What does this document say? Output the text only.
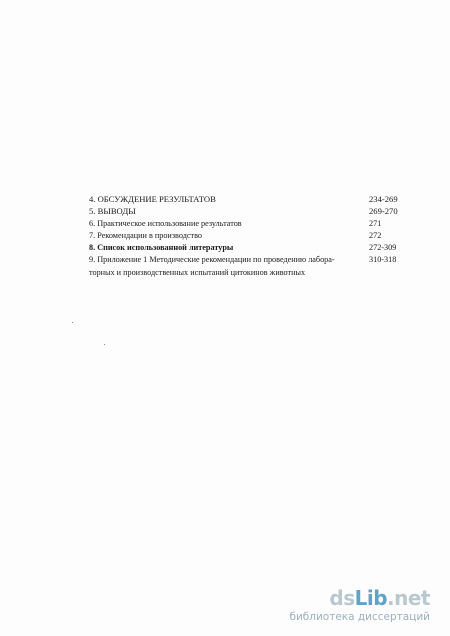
4. ОБСУЖДЕНИЕ РЕЗУЛЬТАТОВ	234-269
5. ВЫВОДЫ	269-270
6. Практическое использование результатов	271
7. Рекомендации в производство	272
8. Список использованной литературы	272-309
9. Приложение 1 Методические рекомендации по проведению лабора-	310-318
торных и производственных испытаний цитокинов животных
dsLib.net
библиотека диссертаций
